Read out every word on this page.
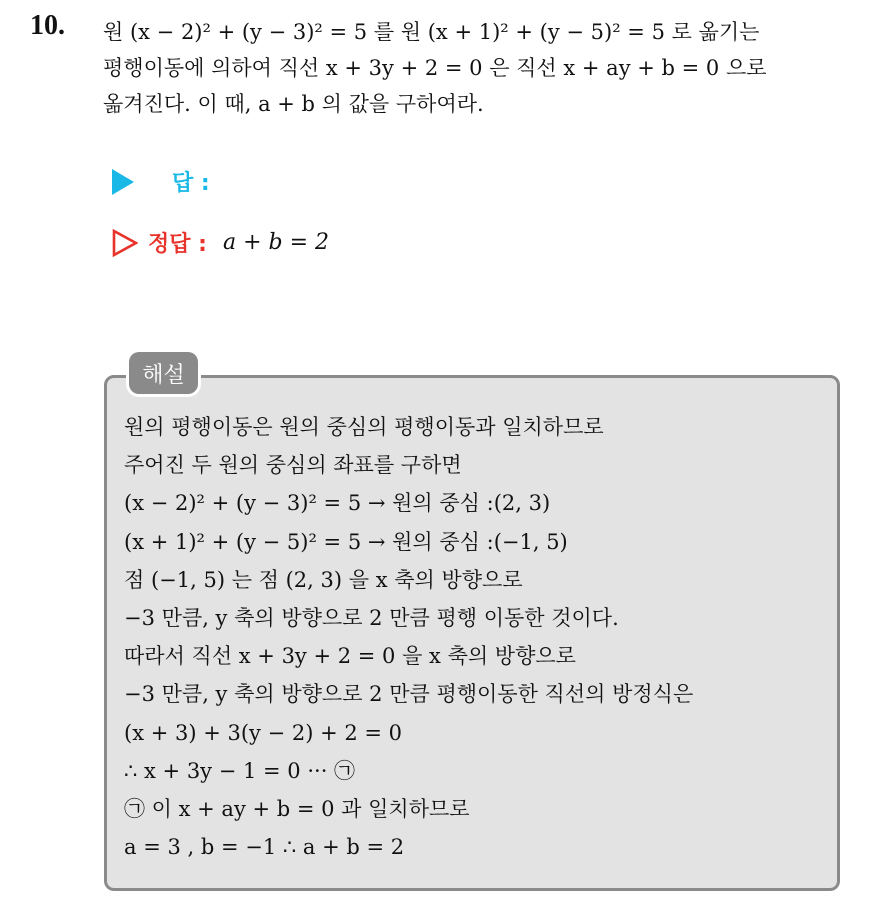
10. 원 (x − 2)² + (y − 3)² = 5 를 원 (x + 1)² + (y − 5)² = 5 로 옮기는
평행이동에 의하여 직선 x + 3y + 2 = 0 은 직선 x + ay + b = 0 으로
옮겨진다. 이 때, a + b 의 값을 구하여라.
답 :
정답 : a + b = 2
해설
원의 평행이동은 원의 중심의 평행이동과 일치하므로
주어진 두 원의 중심의 좌표를 구하면
(x − 2)² + (y − 3)² = 5 → 원의 중심 :(2, 3)
(x + 1)² + (y − 5)² = 5 → 원의 중심 :(−1, 5)
점 (−1, 5) 는 점 (2, 3) 을 x 축의 방향으로
−3 만큼, y 축의 방향으로 2 만큼 평행 이동한 것이다.
따라서 직선 x + 3y + 2 = 0 을 x 축의 방향으로
−3 만큼, y 축의 방향으로 2 만큼 평행이동한 직선의 방정식은
(x + 3) + 3(y − 2) + 2 = 0
∴ x + 3y − 1 = 0 ··· ㉠
㉠ 이 x + ay + b = 0 과 일치하므로
a = 3 , b = −1 ∴ a + b = 2
